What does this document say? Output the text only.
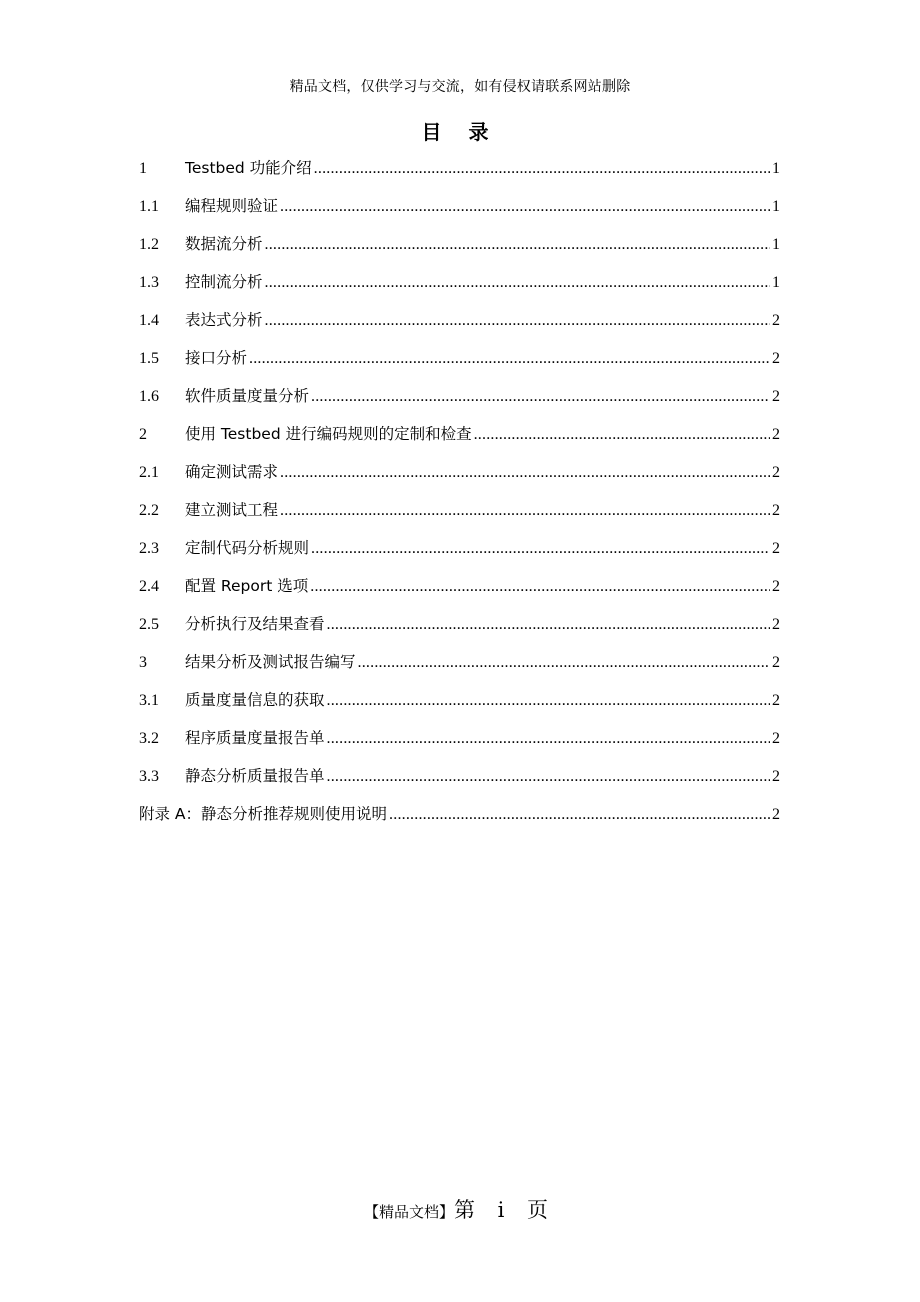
精品文档，仅供学习与交流，如有侵权请联系网站删除
目 录
1	Testbed 功能介绍 .....	1
1.1	编程规则验证 .....	1
1.2	数据流分析 .....	1
1.3	控制流分析 .....	1
1.4	表达式分析 .....	2
1.5	接口分析 .....	2
1.6	软件质量度量分析 .....	2
2	使用 Testbed 进行编码规则的定制和检查 .....	2
2.1	确定测试需求 .....	2
2.2	建立测试工程 .....	2
2.3	定制代码分析规则 .....	2
2.4	配置 Report 选项 .....	2
2.5	分析执行及结果查看 .....	2
3	结果分析及测试报告编写 .....	2
3.1	质量度量信息的获取 .....	2
3.2	程序质量度量报告单 .....	2
3.3	静态分析质量报告单 .....	2
附录 A：静态分析推荐规则使用说明 .....	2
【精品文档】第 i 页
